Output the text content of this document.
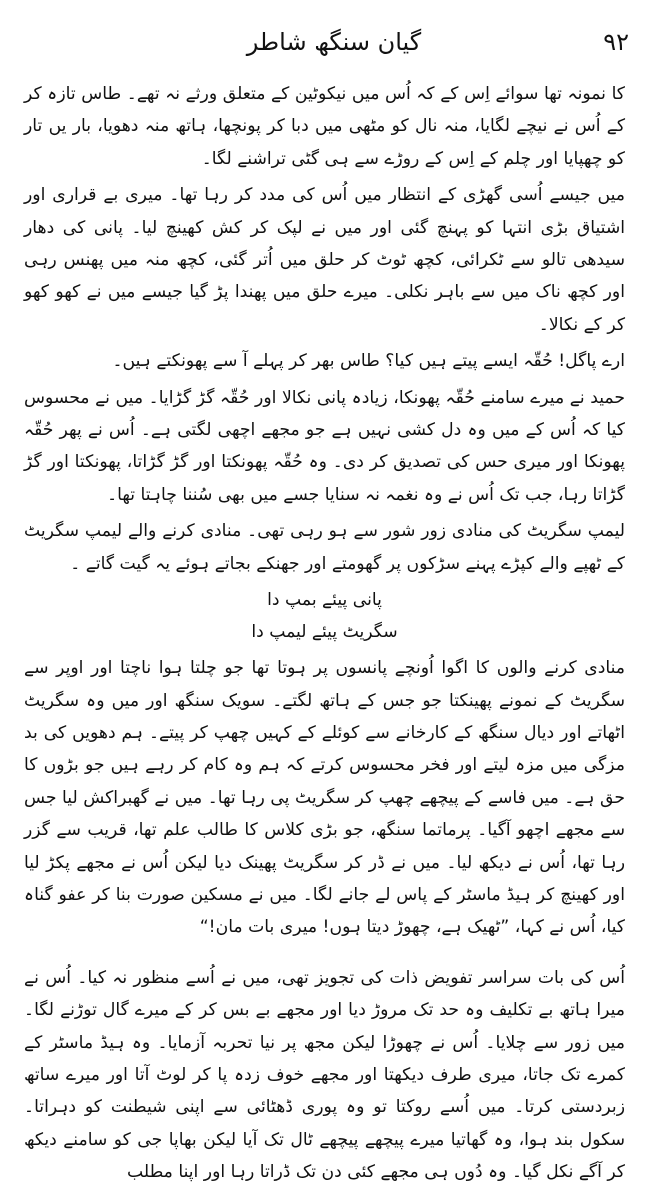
گیان سنگھ شاطر	۹۲

کا نمونہ تھا سوائے اِس کے کہ اُس میں نیکوٹین کے متعلق ورثے نہ تھے۔ طاس تازہ کر کے اُس نے نیچے لگایا، منہ نال کو مٹھی میں دبا کر پونچھا، ہاتھ منہ دھویا، بار یں تار کو چھپایا اور چلم کے اِس کے روڑے سے ہی گٹی تراشنے لگا۔

میں جیسے اُسی گھڑی کے انتظار میں اُس کی مدد کر رہا تھا۔ میری بے قراری اور اشتیاق بڑی انتہا کو پہنچ گئی اور میں نے لپک کر کش کھینچ لیا۔ پانی کی دھار سیدھی تالو سے ٹکرائی، کچھ ٹوٹ کر حلق میں اُتر گئی، کچھ منہ میں پھنس رہی اور کچھ ناک میں سے باہر نکلی۔ میرے حلق میں پھندا پڑ گیا جیسے میں نے کھو کھو کر کے نکالا۔

ارے پاگل! حُقّہ ایسے پیتے ہیں کیا؟ طاس بھر کر پہلے آ سے پھونکتے ہیں۔

حمید نے میرے سامنے حُقّہ پھونکا، زیادہ پانی نکالا اور حُقّہ گڑ گڑایا۔ میں نے محسوس کیا کہ اُس کے میں وہ دل کشی نہیں ہے جو مجھے اچھی لگتی ہے۔ اُس نے پھر حُقّہ پھونکا اور میری حس کی تصدیق کر دی۔ وہ حُقّہ پھونکتا اور گڑ گڑاتا، پھونکتا اور گڑ گڑاتا رہا، جب تک اُس نے وہ نغمہ نہ سنایا جسے میں بھی سُننا چاہتا تھا۔

لیمپ سگریٹ کی منادی زور شور سے ہو رہی تھی۔ منادی کرنے والے لیمپ سگریٹ کے ٹھپے والے کپڑے پہنے سڑکوں پر گھومتے اور جھنکے بجاتے ہوئے یہ گیت گاتے ۔

پانی پیئے بمپ دا

سگریٹ پیئے لیمپ دا

منادی کرنے والوں کا اگوا اُونچے پانسوں پر ہوتا تھا جو چلتا ہوا ناچتا اور اوپر سے سگریٹ کے نمونے پھینکتا جو جس کے ہاتھ لگتے۔ سویک سنگھ اور میں وہ سگریٹ اٹھاتے اور دیال سنگھ کے کارخانے سے کوئلے کے کہیں چھپ کر پیتے۔ ہم دھویں کی بد مزگی میں مزہ لیتے اور فخر محسوس کرتے کہ ہم وہ کام کر رہے ہیں جو بڑوں کا حق ہے۔ میں فاسے کے پیچھے چھپ کر سگریٹ پی رہا تھا۔ میں نے گھبراکش لیا جس سے مجھے اچھو آگیا۔ پرماتما سنگھ، جو بڑی کلاس کا طالب علم تھا، قریب سے گزر رہا تھا، اُس نے دیکھ لیا۔ میں نے ڈر کر سگریٹ پھینک دیا لیکن اُس نے مجھے پکڑ لیا اور کھینچ کر ہیڈ ماسٹر کے پاس لے جانے لگا۔ میں نے مسکین صورت بنا کر عفو گناہ کیا، اُس نے کہا، ”ٹھیک ہے، چھوڑ دیتا ہوں! میری بات مان!“

اُس کی بات سراسر تفویض ذات کی تجویز تھی، میں نے اُسے منظور نہ کیا۔ اُس نے میرا ہاتھ بے تکلیف وہ حد تک مروڑ دیا اور مجھے بے بس کر کے میرے گال توڑنے لگا۔ میں زور سے چلایا۔ اُس نے چھوڑا لیکن مجھ پر نیا تحربہ آزمایا۔ وہ ہیڈ ماسٹر کے کمرے تک جاتا، میری طرف دیکھتا اور مجھے خوف زدہ پا کر لوٹ آتا اور میرے ساتھ زبردستی کرتا۔ میں اُسے روکتا تو وہ پوری ڈھٹائی سے اپنی شیطنت کو دہراتا۔ سکول بند ہوا، وہ گھاتیا میرے پیچھے پیچھے ٹال تک آیا لیکن بھاپا جی کو سامنے دیکھ کر آگے نکل گیا۔ وہ دُوں ہی مجھے کئی دن تک ڈراتا رہا اور اپنا مطلب
